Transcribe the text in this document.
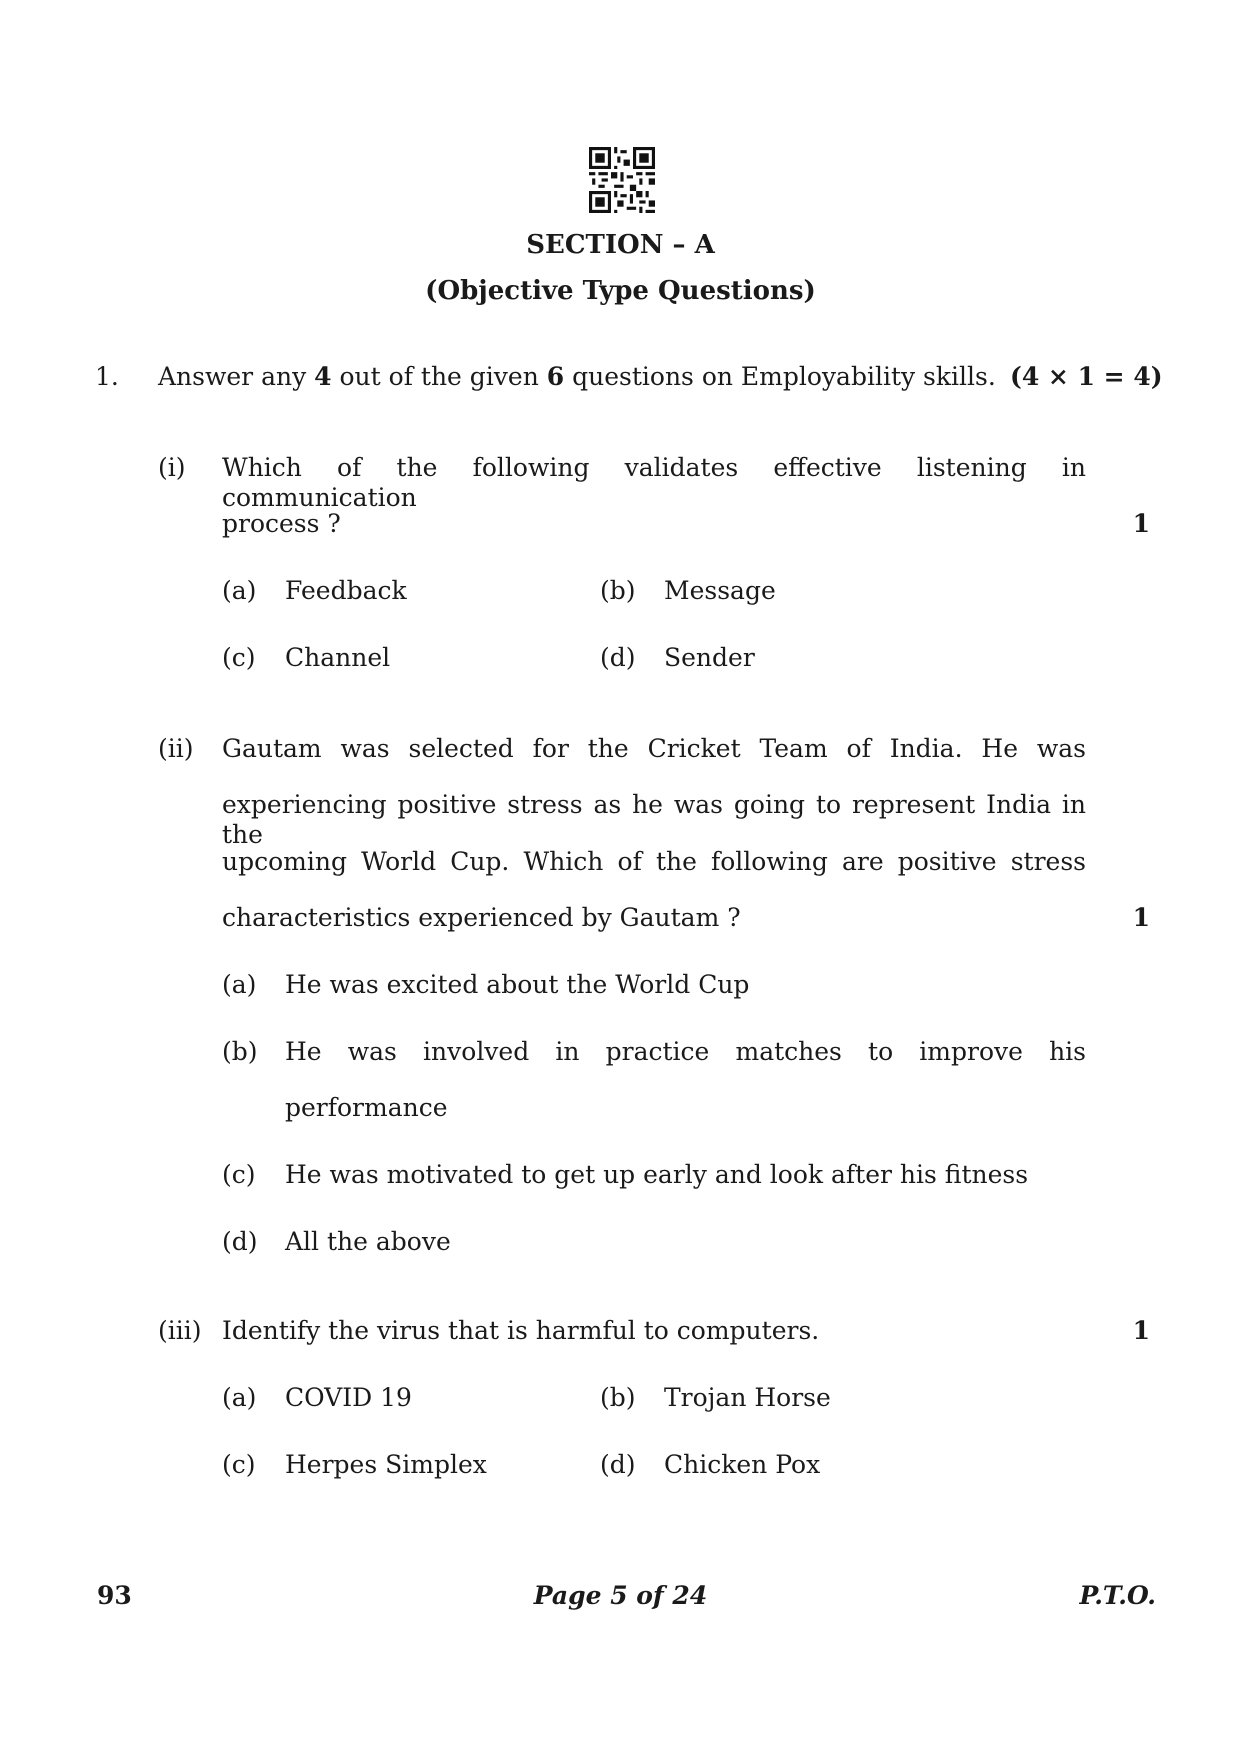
SECTION – A
(Objective Type Questions)
1. Answer any 4 out of the given 6 questions on Employability skills. (4 × 1 = 4)
(i) Which of the following validates effective listening in communication
process ?	1
(a) Feedback	(b) Message
(c) Channel	(d) Sender
(ii) Gautam was selected for the Cricket Team of India. He was
experiencing positive stress as he was going to represent India in the
upcoming World Cup. Which of the following are positive stress
characteristics experienced by Gautam ?	1
(a) He was excited about the World Cup
(b) He was involved in practice matches to improve his
performance
(c) He was motivated to get up early and look after his fitness
(d) All the above
(iii) Identify the virus that is harmful to computers.	1
(a) COVID 19	(b) Trojan Horse
(c) Herpes Simplex	(d) Chicken Pox
93	Page 5 of 24	P.T.O.
